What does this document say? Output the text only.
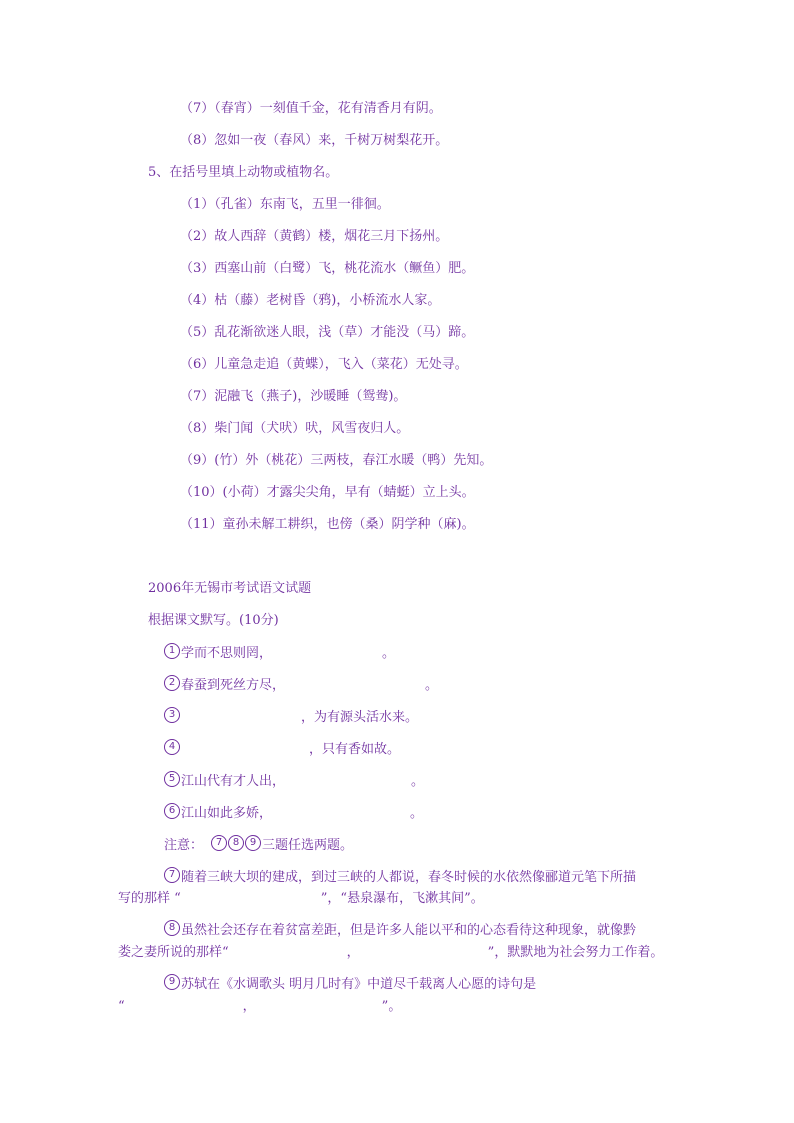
（7）（春宵）一刻值千金，花有清香月有阴。
（8）忽如一夜（春风）来，千树万树梨花开。
5、在括号里填上动物或植物名。
（1）（孔雀）东南飞，五里一徘徊。
（2）故人西辞（黄鹤）楼，烟花三月下扬州。
（3）西塞山前（白鹭）飞，桃花流水（鳜鱼）肥。
（4）枯（藤）老树昏（鸦)，小桥流水人家。
（5）乱花渐欲迷人眼，浅（草）才能没（马）蹄。
（6）儿童急走追（黄蝶），飞入（菜花）无处寻。
（7）泥融飞（燕子)，沙暖睡（鸳鸯)。
（8）柴门闻（犬吠）吠，风雪夜归人。
（9）(竹）外（桃花）三两枝，春江水暖（鸭）先知。
（10）(小荷）才露尖尖角，早有（蜻蜓）立上头。
（11）童孙未解工耕织，也傍（桑）阴学种（麻)。
2006年无锡市考试语文试题
根据课文默写。(10分)
1 学而不思则罔，	。
2 春蚕到死丝方尽，	。
3	，为有源头活水来。
4	，只有香如故。
5 江山代有才人出，	。
6 江山如此多娇，	。
注意： 7 8 9 三题任选两题。
7 随着三峡大坝的建成，到过三峡的人都说，春冬时候的水依然像郦道元笔下所描
写的那样 “	”，“悬泉瀑布，飞漱其间”。
8 虽然社会还存在着贫富差距，但是许多人能以平和的心态看待这种现象，就像黔
娄之妻所说的那样“	，	”，默默地为社会努力工作着。
9 苏轼在《水调歌头 明月几时有》中道尽千载离人心愿的诗句是
“	，	”。
